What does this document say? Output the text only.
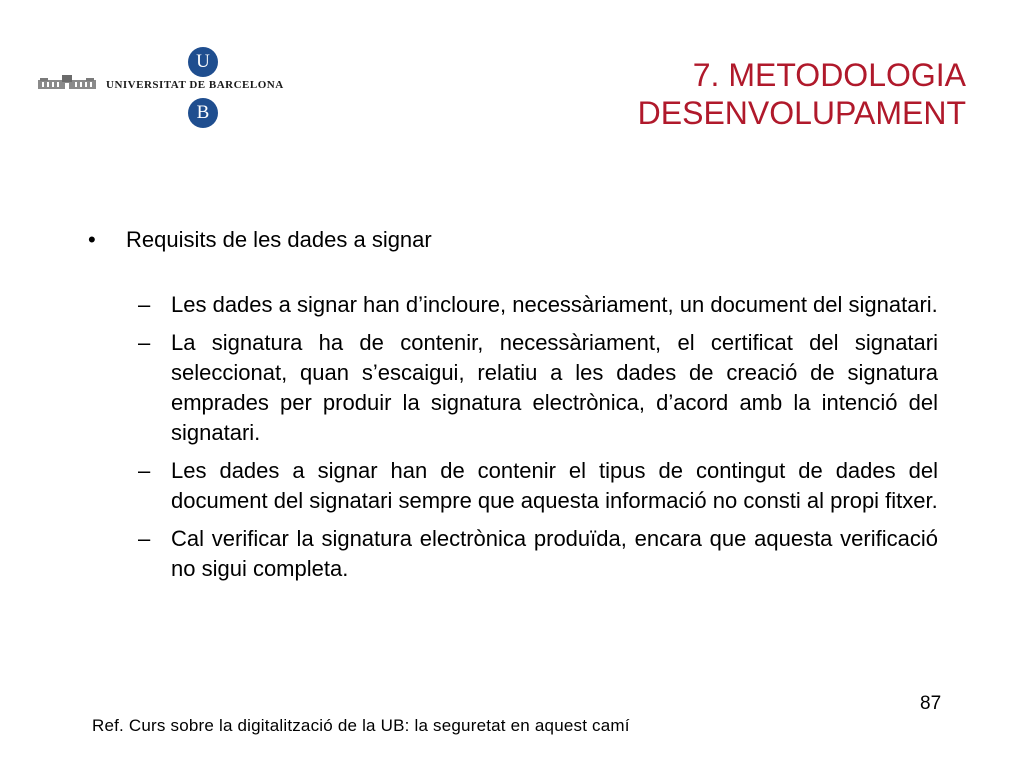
UNIVERSITAT DE BARCELONA
U
B
7. METODOLOGIA
DESENVOLUPAMENT
•	Requisits de les dades a signar
– Les dades a signar han d’incloure, necessàriament, un document del signatari.
– La signatura ha de contenir, necessàriament, el certificat del signatari seleccionat, quan s’escaigui, relatiu a les dades de creació de signatura emprades per produir la signatura electrònica, d’acord amb la intenció del signatari.
– Les dades a signar han de contenir el tipus de contingut de dades del document del signatari sempre que aquesta informació no consti al propi fitxer.
– Cal verificar la signatura electrònica produïda, encara que aquesta verificació no sigui completa.
87
Ref. Curs sobre la digitalització de la UB: la seguretat en aquest camí
